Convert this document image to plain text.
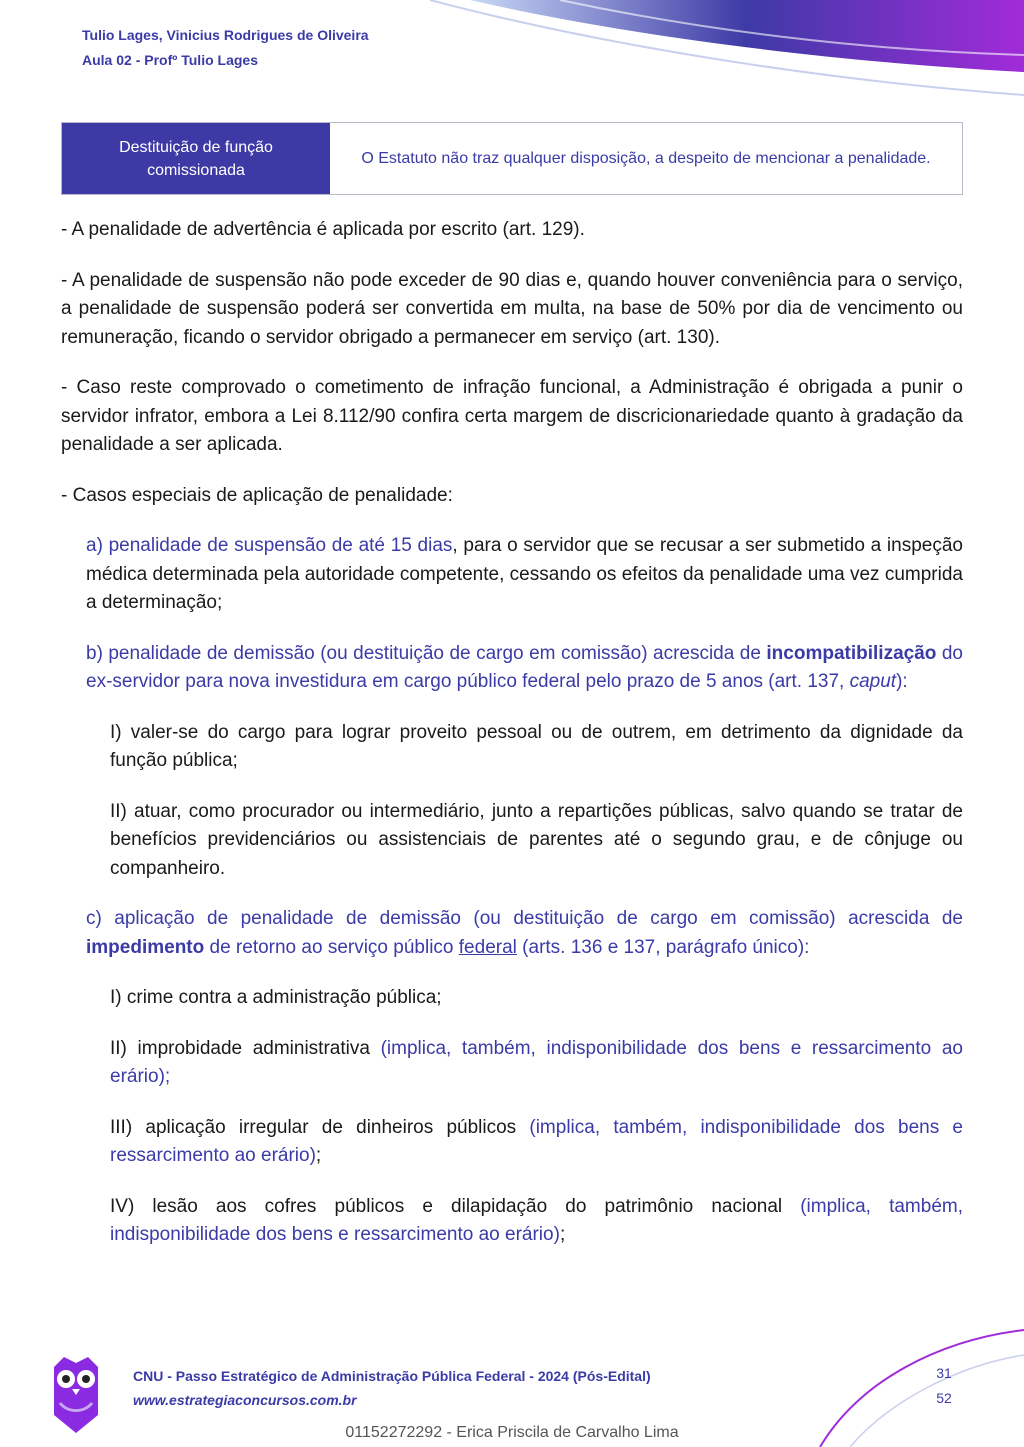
Tulio Lages, Vinicius Rodrigues de Oliveira
Aula 02 - Profº Tulio Lages
Destituição de função comissionada
O Estatuto não traz qualquer disposição, a despeito de mencionar a penalidade.

- A penalidade de advertência é aplicada por escrito (art. 129).

- A penalidade de suspensão não pode exceder de 90 dias e, quando houver conveniência para o serviço, a penalidade de suspensão poderá ser convertida em multa, na base de 50% por dia de vencimento ou remuneração, ficando o servidor obrigado a permanecer em serviço (art. 130).

- Caso reste comprovado o cometimento de infração funcional, a Administração é obrigada a punir o servidor infrator, embora a Lei 8.112/90 confira certa margem de discricionariedade quanto à gradação da penalidade a ser aplicada.

- Casos especiais de aplicação de penalidade:

a) penalidade de suspensão de até 15 dias, para o servidor que se recusar a ser submetido a inspeção médica determinada pela autoridade competente, cessando os efeitos da penalidade uma vez cumprida a determinação;

b) penalidade de demissão (ou destituição de cargo em comissão) acrescida de incompatibilização do ex-servidor para nova investidura em cargo público federal pelo prazo de 5 anos (art. 137, caput):

I) valer-se do cargo para lograr proveito pessoal ou de outrem, em detrimento da dignidade da função pública;

II) atuar, como procurador ou intermediário, junto a repartições públicas, salvo quando se tratar de benefícios previdenciários ou assistenciais de parentes até o segundo grau, e de cônjuge ou companheiro.

c) aplicação de penalidade de demissão (ou destituição de cargo em comissão) acrescida de impedimento de retorno ao serviço público federal (arts. 136 e 137, parágrafo único):

I) crime contra a administração pública;

II) improbidade administrativa (implica, também, indisponibilidade dos bens e ressarcimento ao erário);

III) aplicação irregular de dinheiros públicos (implica, também, indisponibilidade dos bens e ressarcimento ao erário);

IV) lesão aos cofres públicos e dilapidação do patrimônio nacional (implica, também, indisponibilidade dos bens e ressarcimento ao erário);

CNU - Passo Estratégico de Administração Pública Federal - 2024 (Pós-Edital)
www.estrategiaconcursos.com.br
31
52
01152272292 - Erica Priscila de Carvalho Lima
